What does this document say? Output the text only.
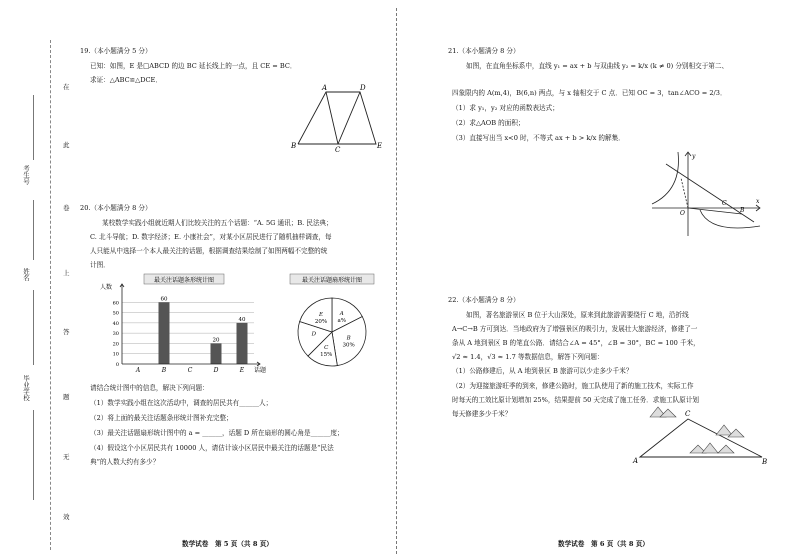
在
此
卷
上
答
题
无
效
考生号
姓名
毕业学校
19.（本小题满分 5 分）
已知：如图，E 是□ABCD 的边 BC 延长线上的一点，且 CE = BC．
求证：△ABC≌△DCE．
A	D
B	C	E
20.（本小题满分 8 分）
某校数学实践小组就近期人们比较关注的五个话题：“A. 5G 通讯；B. 民法典；
C. 北斗导航；D. 数字经济；E. 小康社会”，对某小区居民进行了随机抽样调查，每
人只能从中选择一个本人最关注的话题，根据调查结果绘制了如图两幅不完整的统
计图．
最关注话题条形统计图
人数
话题
A
60
B	C
20
D
40
E
0
10
20
30
40
50
60
最关注话题扇形统计图
A
a%
B
30%
C
15%
D
E
20%
请结合统计图中的信息，解决下列问题：
（1）数学实践小组在这次活动中，调查的居民共有______人；
（2）将上面的最关注话题条形统计图补充完整；
（3）最关注话题扇形统计图中的 a = ______，话题 D 所在扇形的圆心角是______度；
（4）假设这个小区居民共有 10000 人，请估计该小区居民中最关注的话题是“民法
典”的人数大约有多少？
数学试卷　第 5 页（共 8 页）
21.（本小题满分 8 分）
如图，在直角坐标系中，直线 y₁ = ax + b 与双曲线 y₂ = k/x (k ≠ 0) 分别相交于第二、
四象限内的 A(m,4)，B(6,n) 两点，与 x 轴相交于 C 点．已知 OC = 3，tan∠ACO = 2/3．
（1）求 y₁，y₂ 对应的函数表达式；
（2）求△AOB 的面积；
（3）直接写出当 x<0 时，不等式 ax + b > k/x 的解集．
y
x
O
C
B
22.（本小题满分 8 分）
如图，著名旅游景区 B 位于大山深处，原来到此旅游需要绕行 C 地，沿折线
A→C→B 方可到达．当地政府为了增强景区的吸引力，发展壮大旅游经济，修建了一
条从 A 地到景区 B 的笔直公路．请结合∠A = 45°，∠B = 30°，BC = 100 千米，
√2 ≈ 1.4，√3 ≈ 1.7 等数据信息，解答下列问题：
（1）公路修建后，从 A 地到景区 B 旅游可以少走多少千米？
（2）为迎接旅游旺季的到来，修建公路时，施工队使用了新的施工技术，实际工作
时每天的工效比原计划增加 25%，结果提前 50 天完成了施工任务．求施工队原计划
每天修建多少千米？
A
C
B
数学试卷　第 6 页（共 8 页）
